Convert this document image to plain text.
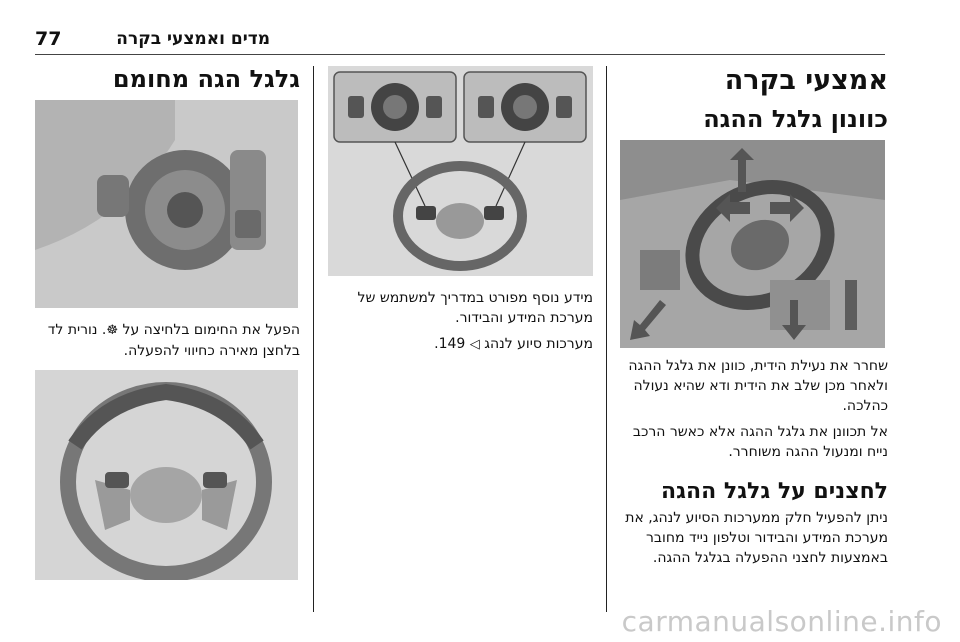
77	מדים ואמצעי בקרה
אמצעי בקרה
כוונון גלגל ההגה

שחרר את נעילת הידית, כוונן את גלגל ההגה ולאחר מכן שלב את הידית ודא שהיא נעולה כהלכה.

אל תכוונן את גלגל ההגה אלא כאשר הרכב נייח ומנעול ההגה משוחרר.

לחצנים על גלגל ההגה

ניתן להפעיל חלק ממערכות הסיוע לנהג, את מערכת המידע והבידור וטלפון נייד מחובר באמצעות לחצני ההפעלה בגלגל ההגה.

מידע נוסף מפורט במדריך למשתמש של מערכת המידע והבידור.

מערכות סיוע לנהג ◁ 149.

גלגל הגה מחומם

הפעל את החימום בלחיצה על ☸. נורית לד בלחצן מאירה כחיווי להפעלה.

carmanualsonline.info
